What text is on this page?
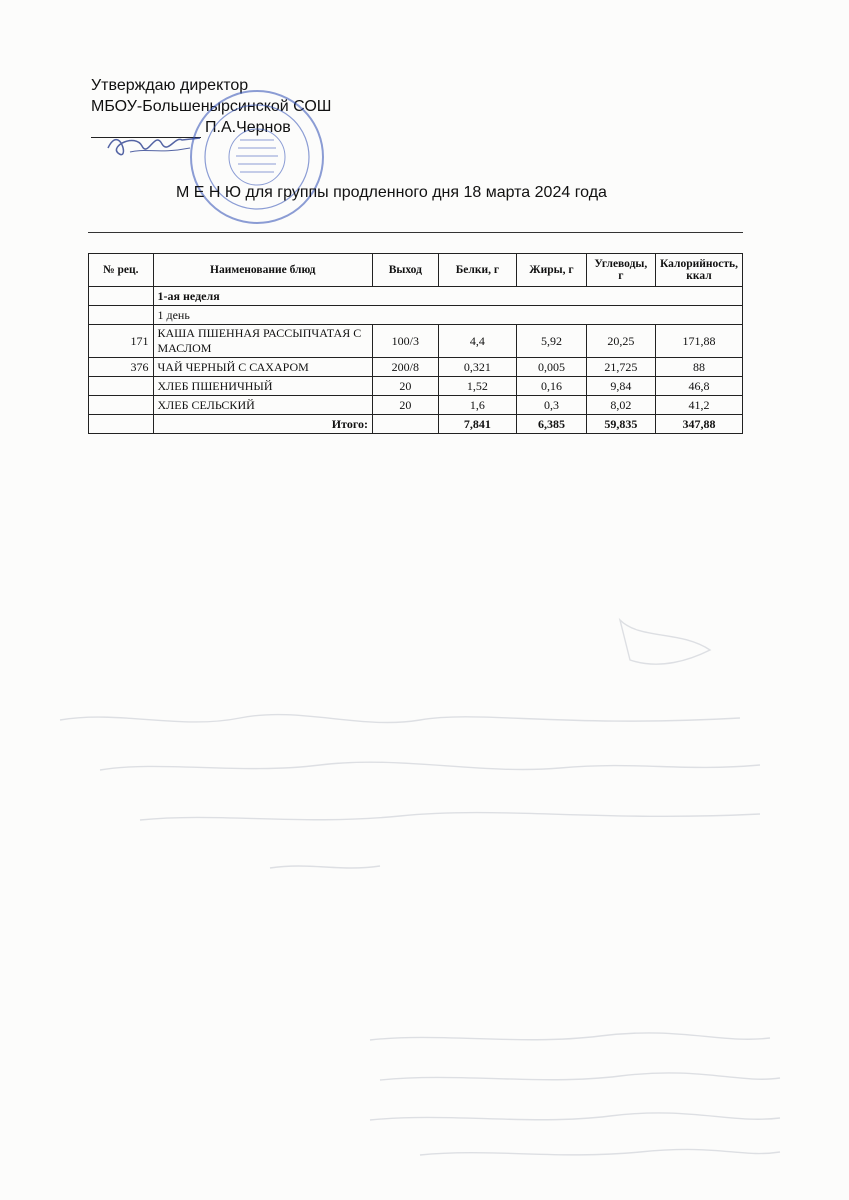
Утверждаю директор
МБОУ-Большенырсинской СОШ
П.А.Чернов
М Е Н Ю для группы продленного дня 18 марта 2024 года
№ рец.	Наименование блюд	Выход	Белки, г	Жиры, г	Углеводы, г	Калорийность, ккал
	1-ая неделя					
	1 день					
171	КАША ПШЕННАЯ РАССЫПЧАТАЯ С МАСЛОМ	100/3	4,4	5,92	20,25	171,88
376	ЧАЙ ЧЕРНЫЙ С САХАРОМ	200/8	0,321	0,005	21,725	88
	ХЛЕБ ПШЕНИЧНЫЙ	20	1,52	0,16	9,84	46,8
	ХЛЕБ СЕЛЬСКИЙ	20	1,6	0,3	8,02	41,2
	Итого:		7,841	6,385	59,835	347,88
